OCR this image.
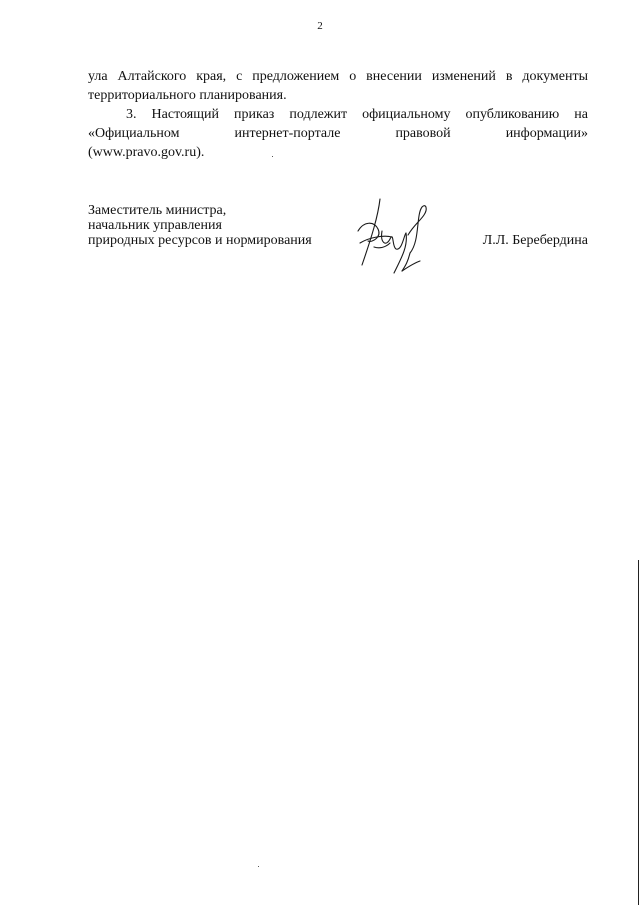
2

ула Алтайского края, с предложением о внесении изменений в документы
территориального планирования.

3. Настоящий приказ подлежит официальному опубликованию на
«Официальном интернет-портале правовой информации»
(www.pravo.gov.ru).

Заместитель министра,
начальник управления
природных ресурсов и нормирования	Л.Л. Беребердина
